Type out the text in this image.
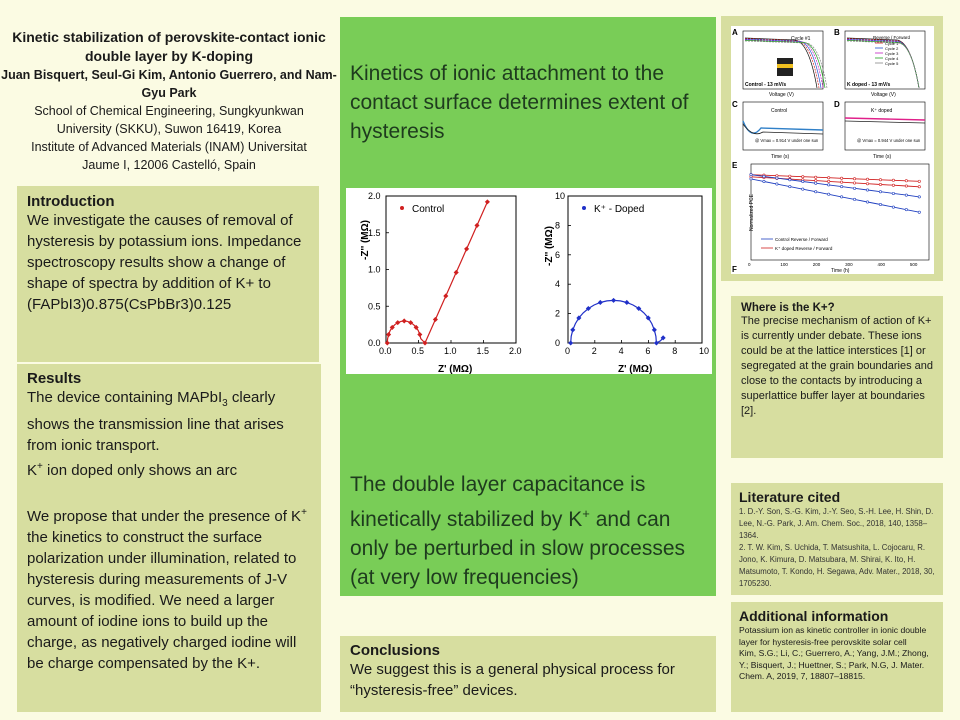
Kinetic stabilization of perovskite-contact ionic double layer by K-doping
Juan Bisquert, Seul-Gi Kim, Antonio Guerrero, and Nam-Gyu Park
School of Chemical Engineering, Sungkyunkwan University (SKKU), Suwon 16419, Korea
Institute of Advanced Materials (INAM) Universitat Jaume I, 12006 Castelló, Spain

Introduction

We investigate the causes of removal of hysteresis by potassium ions. Impedance spectroscopy results show a change of shape of spectra by addition of K+ to (FAPbI3)0.875(CsPbBr3)0.125

Results

The device containing MAPbI$_3$ clearly shows the transmission line that arises from ionic transport.

K+ ion doped only shows an arc

We propose that under the presence of K+ the kinetics to construct the surface polarization under illumination, related to hysteresis during measurements of J-V curves, is modified. We need a larger amount of iodine ions to build up the charge, as negatively charged iodine will be charge compensated by the K+.

Kinetics of ionic attachment to the contact surface determines extent of hysteresis
0.0 0.5 1.0 1.5 2.0
0.0
0.5
1.0
1.5
2.0
-Z'' (MΩ)
Z' (MΩ)
Control
0 2 4 6 8 10
0
2
4
6
8
10
-Z'' (MΩ)
Z' (MΩ)
K⁺ - Doped
The double layer capacitance is kinetically stabilized by K+ and can only be perturbed in slow processes (at very low frequencies)

Conclusions

We suggest this is a general physical process for “hysteresis-free” devices.

A
Cycle #1
Control - 13 mV/s
Voltage (V)
B
Reverse / Forward
Cycle 1
Cycle 2
Cycle 3
Cycle 4
Cycle 5
K doped - 13 mV/s
Voltage (V)
C
Control
@ Vmax = 0.914 V under one sun
Time (s)
D
K⁺ doped
@ Vmax = 0.944 V under one sun
Time (s)
E
Normalized PCE
0	100	200	300	400	500
Control Reverse / Forward
K⁺ doped Reverse / Forward
Time (h)
F
Where is the K+?
The precise mechanism of action of K+ is currently under debate. These ions could be at the lattice interstices [1] or segregated at the grain boundaries and close to the contacts by introducing a superlattice buffer layer at boundaries [2].
Literature cited
1. D.-Y. Son, S.-G. Kim, J.-Y. Seo, S.-H. Lee, H. Shin, D. Lee, N.-G. Park, J. Am. Chem. Soc., 2018, 140, 1358–1364.
2. T. W. Kim, S. Uchida, T. Matsushita, L. Cojocaru, R. Jono, K. Kimura, D. Matsubara, M. Shirai, K. Ito, H. Matsumoto, T. Kondo, H. Segawa, Adv. Mater., 2018, 30, 1705230.
Additional information
Potassium ion as kinetic controller in ionic double layer for hysteresis-free perovskite solar cell
Kim, S.G.; Li, C.; Guerrero, A.; Yang, J.M.; Zhong, Y.; Bisquert, J.; Huettner, S.; Park, N.G, J. Mater. Chem. A, 2019, 7, 18807–18815.
